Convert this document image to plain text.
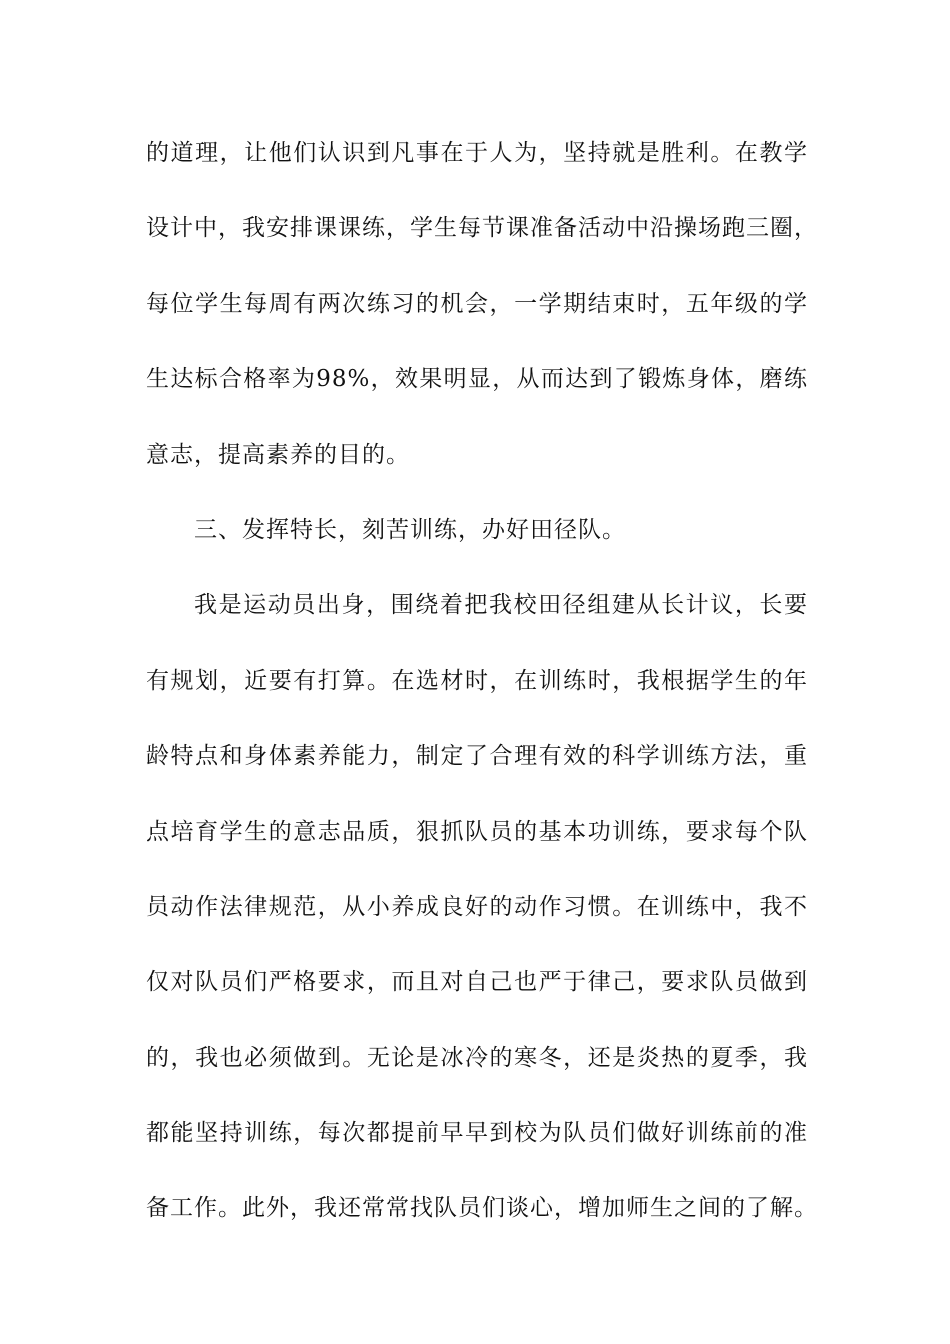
的道理，让他们认识到凡事在于人为，坚持就是胜利。在教学
设计中，我安排课课练，学生每节课准备活动中沿操场跑三圈，
每位学生每周有两次练习的机会，一学期结束时，五年级的学
生达标合格率为98%，效果明显，从而达到了锻炼身体，磨练
意志，提高素养的目的。
三、发挥特长，刻苦训练，办好田径队。
我是运动员出身，围绕着把我校田径组建从长计议，长要
有规划，近要有打算。在选材时，在训练时，我根据学生的年
龄特点和身体素养能力，制定了合理有效的科学训练方法，重
点培育学生的意志品质，狠抓队员的基本功训练，要求每个队
员动作法律规范，从小养成良好的动作习惯。在训练中，我不
仅对队员们严格要求，而且对自己也严于律己，要求队员做到
的，我也必须做到。无论是冰冷的寒冬，还是炎热的夏季，我
都能坚持训练，每次都提前早早到校为队员们做好训练前的准
备工作。此外，我还常常找队员们谈心，增加师生之间的了解。
